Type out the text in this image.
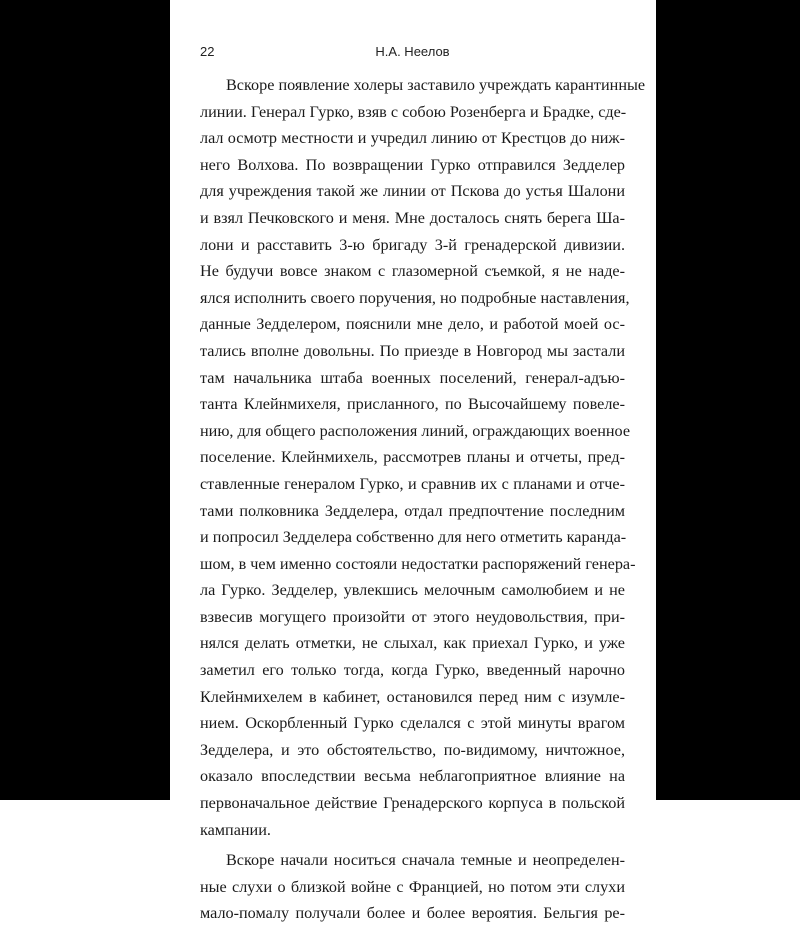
22	Н.А. Неелов
Вскоре появление холеры заставило учреждать карантинные
линии. Генерал Гурко, взяв с собою Розенберга и Брадке, сде-
лал осмотр местности и учредил линию от Крестцов до ниж-
него Волхова. По возвращении Гурко отправился Зедделер
для учреждения такой же линии от Пскова до устья Шалони
и взял Печковского и меня. Мне досталось снять берега Ша-
лони и расставить 3-ю бригаду 3-й гренадерской дивизии.
Не будучи вовсе знаком с глазомерной съемкой, я не наде-
ялся исполнить своего поручения, но подробные наставления,
данные Зедделером, пояснили мне дело, и работой моей ос-
тались вполне довольны. По приезде в Новгород мы застали
там начальника штаба военных поселений, генерал-адъю-
танта Клейнмихеля, присланного, по Высочайшему повеле-
нию, для общего расположения линий, ограждающих военное
поселение. Клейнмихель, рассмотрев планы и отчеты, пред-
ставленные генералом Гурко, и сравнив их с планами и отче-
тами полковника Зедделера, отдал предпочтение последним
и попросил Зедделера собственно для него отметить каранда-
шом, в чем именно состояли недостатки распоряжений генера-
ла Гурко. Зедделер, увлекшись мелочным самолюбием и не
взвесив могущего произойти от этого неудовольствия, при-
нялся делать отметки, не слыхал, как приехал Гурко, и уже
заметил его только тогда, когда Гурко, введенный нарочно
Клейнмихелем в кабинет, остановился перед ним с изумле-
нием. Оскорбленный Гурко сделался с этой минуты врагом
Зедделера, и это обстоятельство, по-видимому, ничтожное,
оказало впоследствии весьма неблагоприятное влияние на
первоначальное действие Гренадерского корпуса в польской
кампании.
Вскоре начали носиться сначала темные и неопределен-
ные слухи о близкой войне с Францией, но потом эти слухи
мало-помалу получали более и более вероятия. Бельгия ре-
